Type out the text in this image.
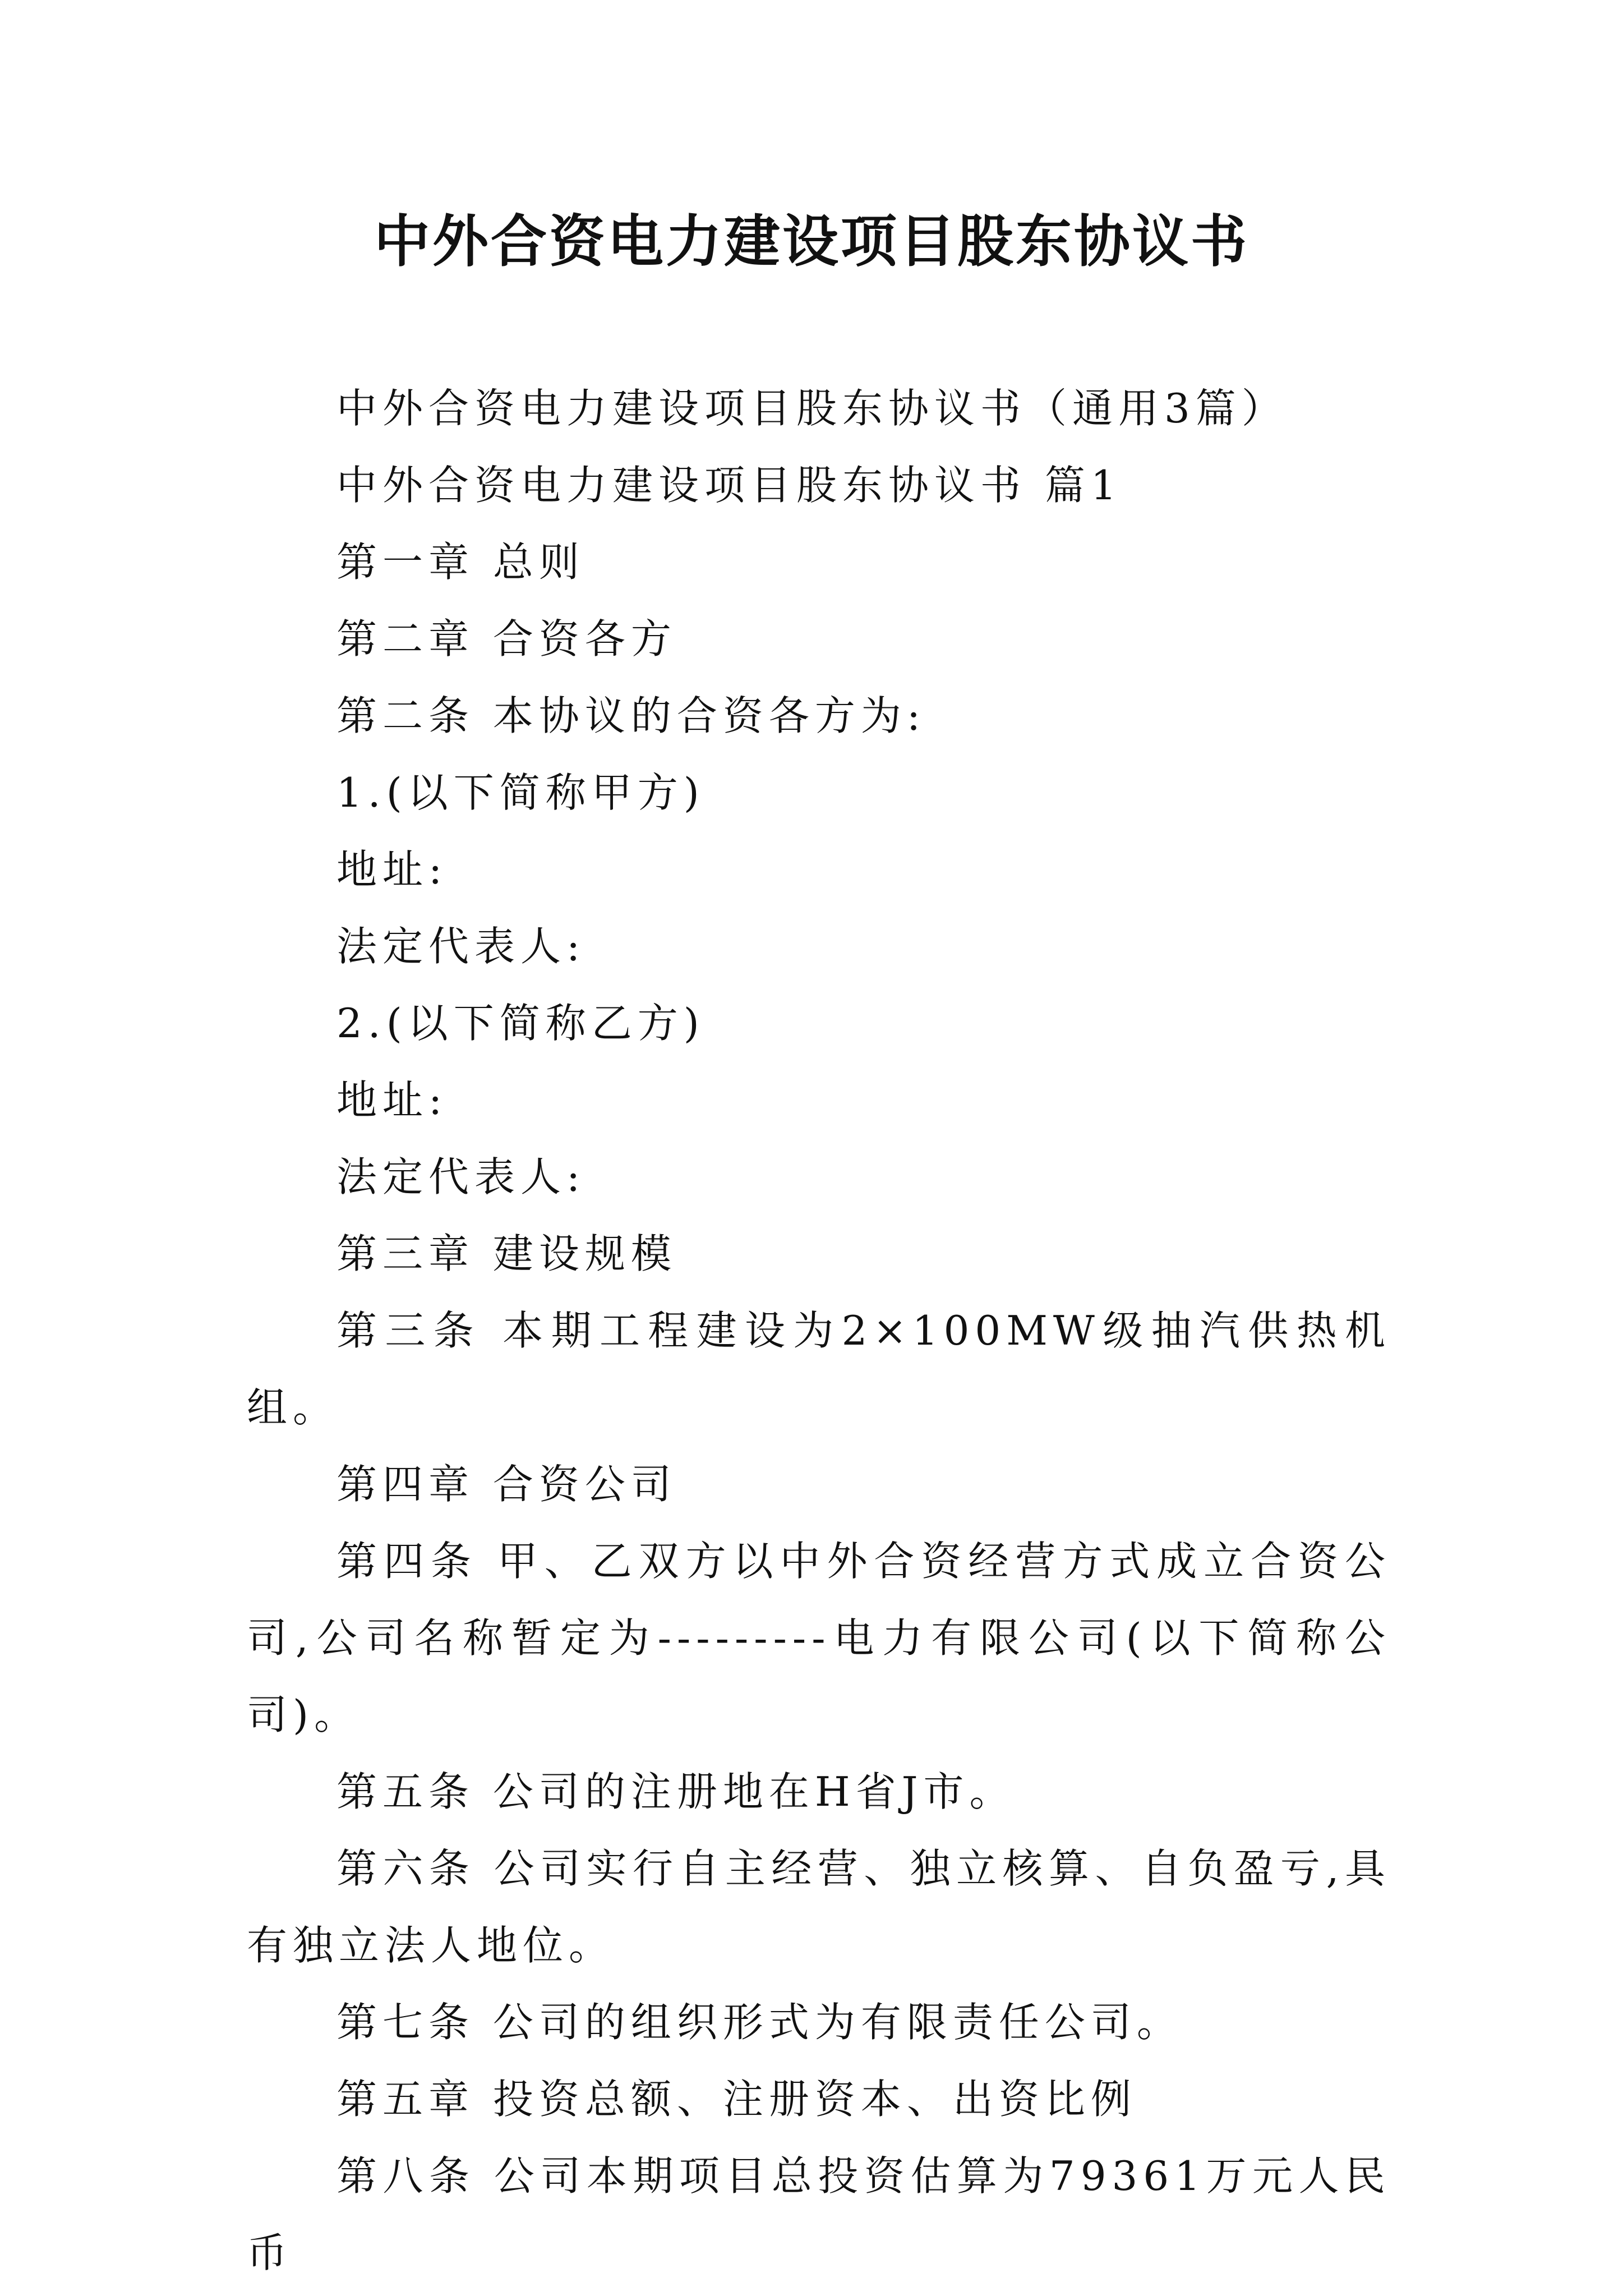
中外合资电力建设项目股东协议书

中外合资电力建设项目股东协议书（通用3篇）

中外合资电力建设项目股东协议书 篇1

第一章 总则

第二章 合资各方

第二条 本协议的合资各方为:

1.(以下简称甲方)

地址:

法定代表人:

2.(以下简称乙方)

地址:

法定代表人:

第三章 建设规模

第三条 本期工程建设为2×100MW级抽汽供热机组。

第四章 合资公司

第四条 甲、乙双方以中外合资经营方式成立合资公司,公司名称暂定为---------电力有限公司(以下简称公司)。

第五条 公司的注册地在H省J市。

第六条 公司实行自主经营、独立核算、自负盈亏,具有独立法人地位。

第七条 公司的组织形式为有限责任公司。

第五章 投资总额、注册资本、出资比例

第八条 公司本期项目总投资估算为79361万元人民币
